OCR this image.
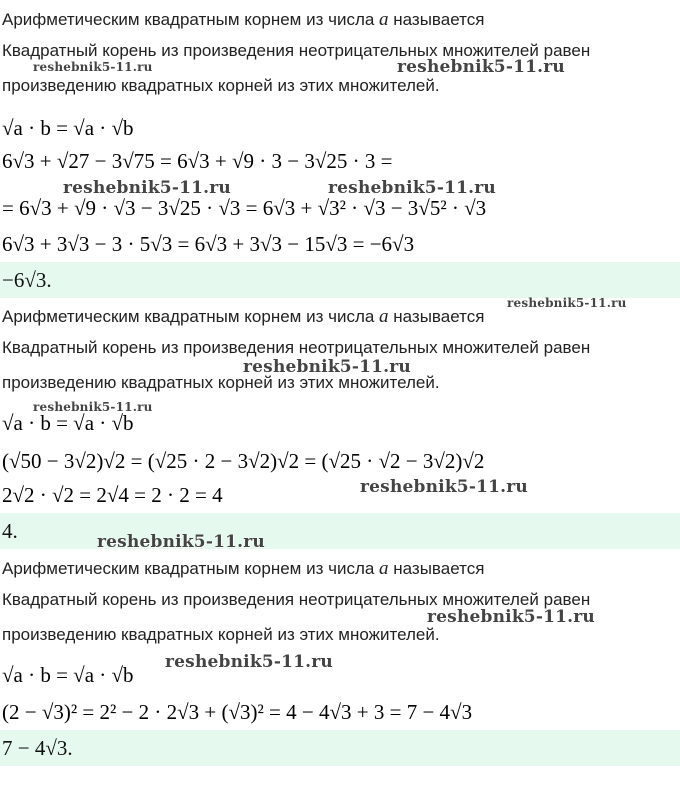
Арифметическим квадратным корнем из числа a называется
Квадратный корень из произведения неотрицательных множителей равен
произведению квадратных корней из этих множителей.
√a · b = √a · √b
6√3 + √27 − 3√75 = 6√3 + √9 · 3 − 3√25 · 3 =
= 6√3 + √9 · √3 − 3√25 · √3 = 6√3 + √3² · √3 − 3√5² · √3
6√3 + 3√3 − 3 · 5√3 = 6√3 + 3√3 − 15√3 = −6√3
−6√3.
Арифметическим квадратным корнем из числа a называется
Квадратный корень из произведения неотрицательных множителей равен
произведению квадратных корней из этих множителей.
√a · b = √a · √b
(√50 − 3√2)√2 = (√25 · 2 − 3√2)√2 = (√25 · √2 − 3√2)√2
2√2 · √2 = 2√4 = 2 · 2 = 4
4.
Арифметическим квадратным корнем из числа a называется
Квадратный корень из произведения неотрицательных множителей равен
произведению квадратных корней из этих множителей.
√a · b = √a · √b
(2 − √3)² = 2² − 2 · 2√3 + (√3)² = 4 − 4√3 + 3 = 7 − 4√3
7 − 4√3.
reshebnik5-11.ru	reshebnik5-11.ru
reshebnik5-11.ru	reshebnik5-11.ru
reshebnik5-11.ru
reshebnik5-11.ru
reshebnik5-11.ru
reshebnik5-11.ru
reshebnik5-11.ru
reshebnik5-11.ru
reshebnik5-11.ru
